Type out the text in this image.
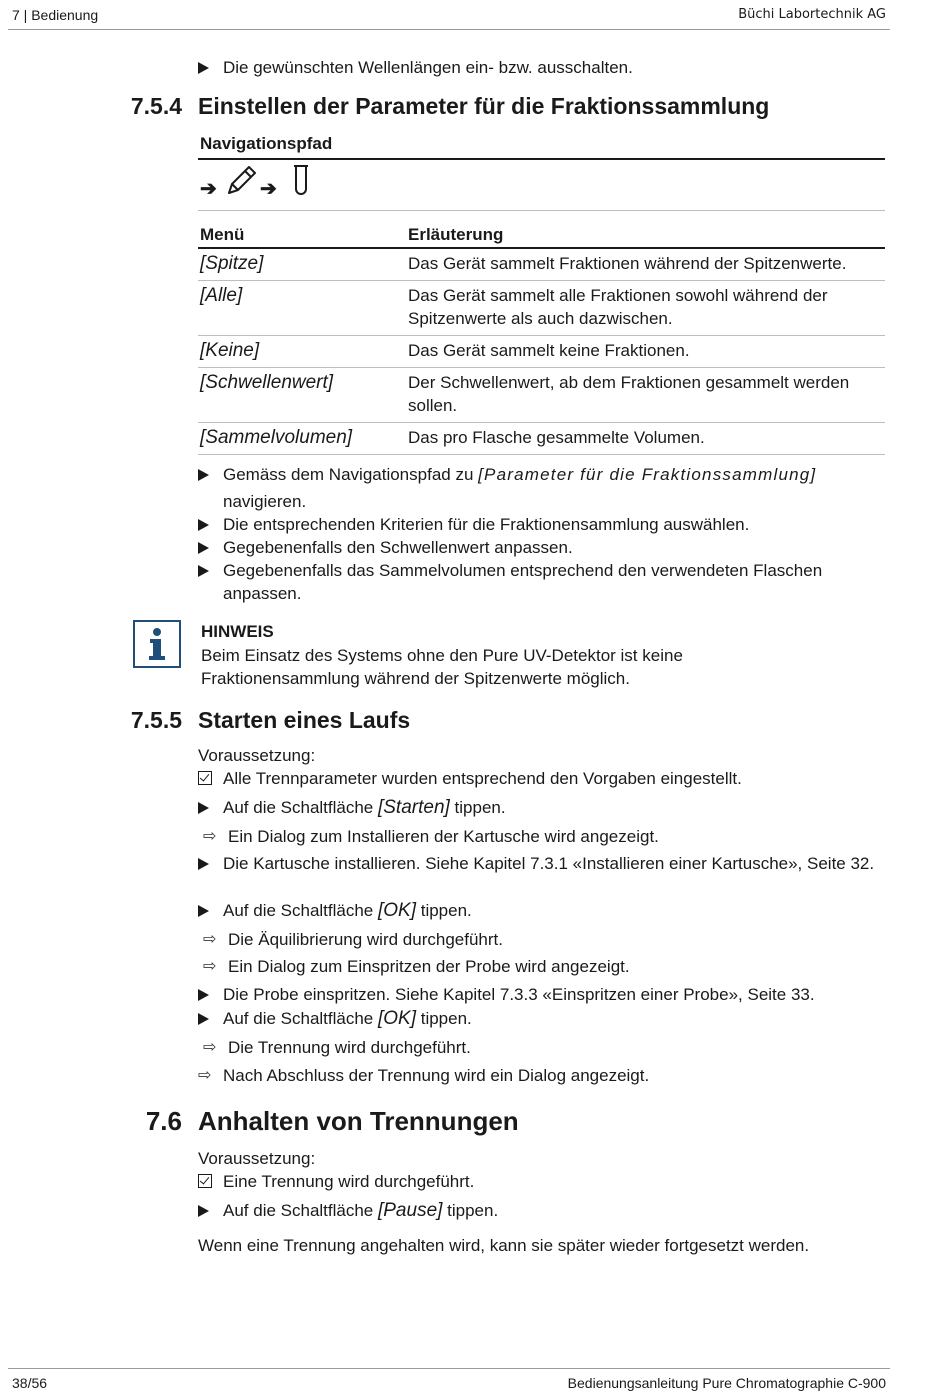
7 | Bedienung	Büchi Labortechnik AG
Die gewünschten Wellenlängen ein- bzw. ausschalten.
7.5.4 Einstellen der Parameter für die Fraktionssammlung
Navigationspfad
➔ ➔
Menü	Erläuterung
[Spitze]	Das Gerät sammelt Fraktionen während der Spitzenwerte.
[Alle]	Das Gerät sammelt alle Fraktionen sowohl während der Spitzenwerte als auch dazwischen.
[Keine]	Das Gerät sammelt keine Fraktionen.
[Schwellenwert]	Der Schwellenwert, ab dem Fraktionen gesammelt werden sollen.
[Sammelvolumen]	Das pro Flasche gesammelte Volumen.
Gemäss dem Navigationspfad zu [Parameter für die Fraktionssammlung]
navigieren.
Die entsprechenden Kriterien für die Fraktionensammlung auswählen.
Gegebenenfalls den Schwellenwert anpassen.
Gegebenenfalls das Sammelvolumen entsprechend den verwendeten Flaschen anpassen.
HINWEIS
Beim Einsatz des Systems ohne den Pure UV-Detektor ist keine Fraktionensammlung während der Spitzenwerte möglich.
7.5.5 Starten eines Laufs
Voraussetzung:
Alle Trennparameter wurden entsprechend den Vorgaben eingestellt.
Auf die Schaltfläche [Starten] tippen.
⇨ Ein Dialog zum Installieren der Kartusche wird angezeigt.
Die Kartusche installieren. Siehe Kapitel 7.3.1 «Installieren einer Kartusche», Seite 32.
Auf die Schaltfläche [OK] tippen.
⇨ Die Äquilibrierung wird durchgeführt.
⇨ Ein Dialog zum Einspritzen der Probe wird angezeigt.
Die Probe einspritzen. Siehe Kapitel 7.3.3 «Einspritzen einer Probe», Seite 33.
Auf die Schaltfläche [OK] tippen.
⇨ Die Trennung wird durchgeführt.
⇨ Nach Abschluss der Trennung wird ein Dialog angezeigt.
7.6 Anhalten von Trennungen
Voraussetzung:
Eine Trennung wird durchgeführt.
Auf die Schaltfläche [Pause] tippen.
Wenn eine Trennung angehalten wird, kann sie später wieder fortgesetzt werden.
38/56	Bedienungsanleitung Pure Chromatographie C-900
